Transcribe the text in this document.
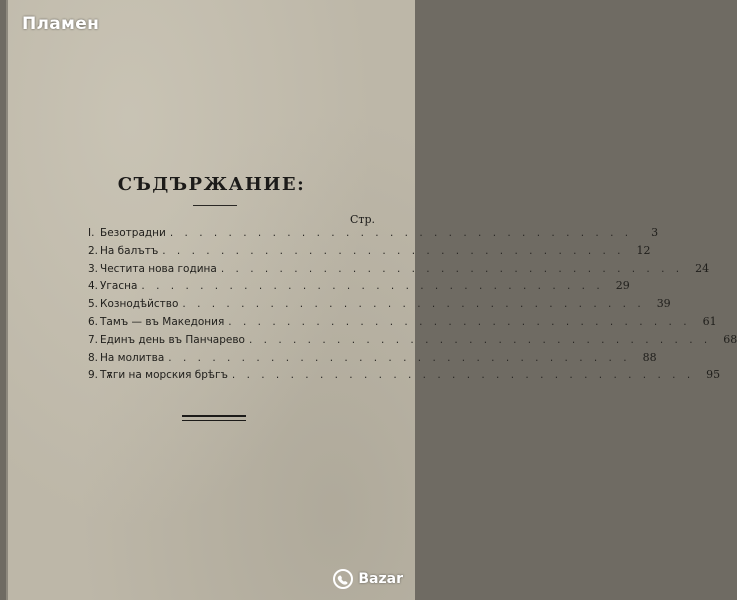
Пламен
СЪДЪРЖАНИЕ:
Стр.
I. Безотрадни . . . . . . . . . . . . . . . . . . . . . . . . . . . . . . . .	3
2. На балътъ . . . . . . . . . . . . . . . . . . . . . . . . . . . . . . . .	12
3. Честита нова година . . . . . . . . . . . . . . . . . . . . . . . . . . . . . . . .	24
4. Угасна . . . . . . . . . . . . . . . . . . . . . . . . . . . . . . . .	29
5. Кознодѣйство . . . . . . . . . . . . . . . . . . . . . . . . . . . . . . . .	39
6. Тамъ — въ Македония . . . . . . . . . . . . . . . . . . . . . . . . . . . . . . . .	61
7. Единъ день въ Панчарево . . . . . . . . . . . . . . . . . . . . . . . . . . . . . . . .	68
8. На молитва . . . . . . . . . . . . . . . . . . . . . . . . . . . . . . . .	88
9. Тѫги на морския брѣгъ . . . . . . . . . . . . . . . . . . . . . . . . . . . . . . . .	95
Bazar
